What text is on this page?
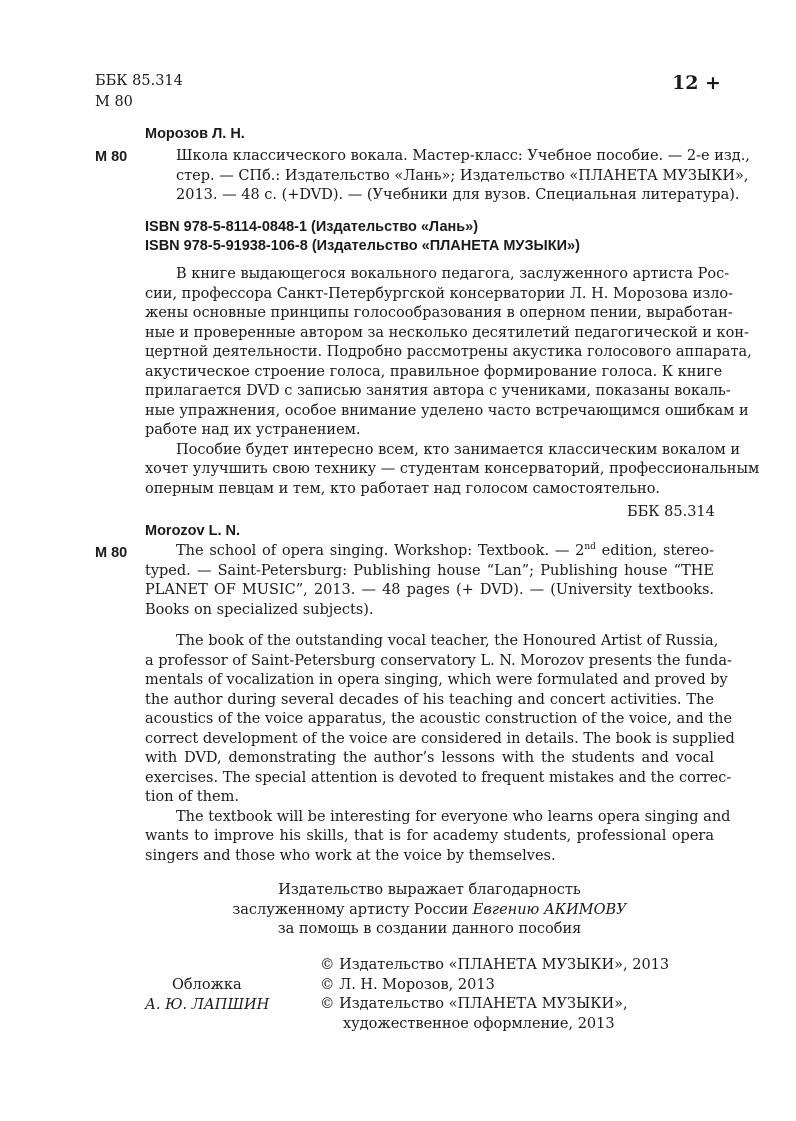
ББК 85.314
М 80
12 +
Морозов Л. Н.
М 80	Школа классического вокала. Мастер-класс: Учебное пособие. — 2-е изд.,
стер. — СПб.: Издательство «Лань»; Издательство «ПЛАНЕТА МУЗЫКИ»,
2013. — 48 с. (+DVD). — (Учебники для вузов. Специальная литература).
ISBN 978-5-8114-0848-1 (Издательство «Лань»)
ISBN 978-5-91938-106-8 (Издательство «ПЛАНЕТА МУЗЫКИ»)
В книге выдающегося вокального педагога, заслуженного артиста Рос-
сии, профессора Санкт-Петербургской консерватории Л. Н. Морозова изло-
жены основные принципы голосообразования в оперном пении, выработан-
ные и проверенные автором за несколько десятилетий педагогической и кон-
цертной деятельности. Подробно рассмотрены акустика голосового аппарата,
акустическое строение голоса, правильное формирование голоса. К книге
прилагается DVD с записью занятия автора с учениками, показаны вокаль-
ные упражнения, особое внимание уделено часто встречающимся ошибкам и
работе над их устранением.
Пособие будет интересно всем, кто занимается классическим вокалом и
хочет улучшить свою технику — студентам консерваторий, профессиональным
оперным певцам и тем, кто работает над голосом самостоятельно.
ББК 85.314
Morozov L. N.
М 80	The school of opera singing. Workshop: Textbook. — 2nd edition, stereo-
typed. — Saint-Petersburg: Publishing house “Lan”; Publishing house “THE
PLANET OF MUSIC”, 2013. — 48 pages (+ DVD). — (University textbooks.
Books on specialized subjects).
The book of the outstanding vocal teacher, the Honoured Artist of Russia,
a professor of Saint-Petersburg conservatory L. N. Morozov presents the funda-
mentals of vocalization in opera singing, which were formulated and proved by
the author during several decades of his teaching and concert activities. The
acoustics of the voice apparatus, the acoustic construction of the voice, and the
correct development of the voice are considered in details. The book is supplied
with DVD, demonstrating the author’s lessons with the students and vocal
exercises. The special attention is devoted to frequent mistakes and the correc-
tion of them.
The textbook will be interesting for everyone who learns opera singing and
wants to improve his skills, that is for academy students, professional opera
singers and those who work at the voice by themselves.
Издательство выражает благодарность
заслуженному артисту России Евгению АКИМОВУ
за помощь в создании данного пособия
Обложка
А. Ю. ЛАПШИН
© Издательство «ПЛАНЕТА МУЗЫКИ», 2013
© Л. Н. Морозов, 2013
© Издательство «ПЛАНЕТА МУЗЫКИ»,
художественное оформление, 2013
